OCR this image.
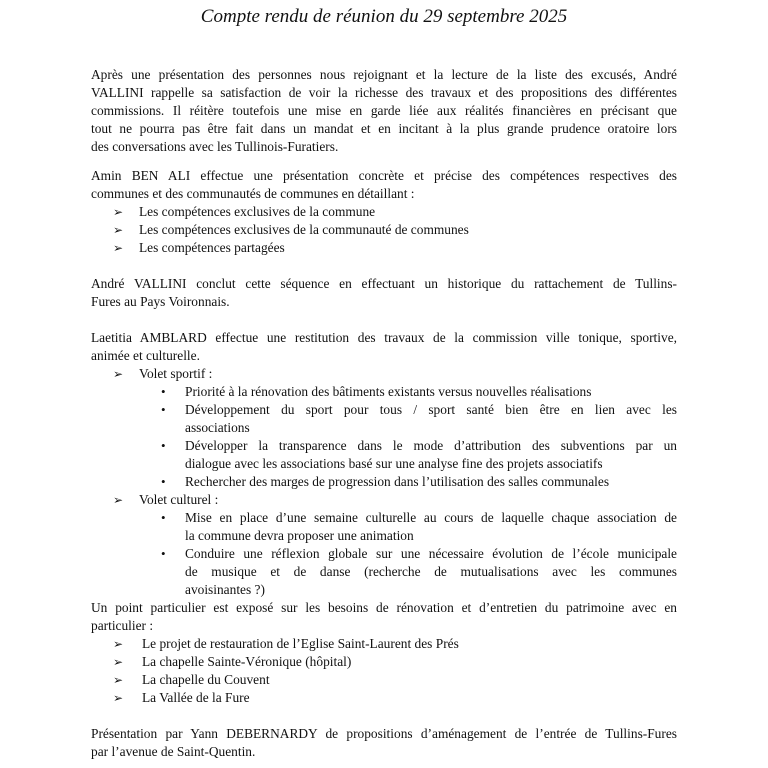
Compte rendu de réunion du 29 septembre 2025
Après une présentation des personnes nous rejoignant et la lecture de la liste des excusés, André
VALLINI rappelle sa satisfaction de voir la richesse des travaux et des propositions des différentes
commissions. Il réitère toutefois une mise en garde liée aux réalités financières en précisant que
tout ne pourra pas être fait dans un mandat et en incitant à la plus grande prudence oratoire lors
des conversations avec les Tullinois-Furatiers.
Amin BEN ALI effectue une présentation concrète et précise des compétences respectives des
communes et des communautés de communes en détaillant :
➢ Les compétences exclusives de la commune
➢ Les compétences exclusives de la communauté de communes
➢ Les compétences partagées
André VALLINI conclut cette séquence en effectuant un historique du rattachement de Tullins-
Fures au Pays Voironnais.
Laetitia AMBLARD effectue une restitution des travaux de la commission ville tonique, sportive,
animée et culturelle.
➢ Volet sportif :
• Priorité à la rénovation des bâtiments existants versus nouvelles réalisations
• Développement du sport pour tous / sport santé bien être en lien avec les
associations
• Développer la transparence dans le mode d’attribution des subventions par un
dialogue avec les associations basé sur une analyse fine des projets associatifs
• Rechercher des marges de progression dans l’utilisation des salles communales
➢ Volet culturel :
• Mise en place d’une semaine culturelle au cours de laquelle chaque association de
la commune devra proposer une animation
• Conduire une réflexion globale sur une nécessaire évolution de l’école municipale
de musique et de danse (recherche de mutualisations avec les communes
avoisinantes ?)
Un point particulier est exposé sur les besoins de rénovation et d’entretien du patrimoine avec en
particulier :
➢ Le projet de restauration de l’Eglise Saint-Laurent des Prés
➢ La chapelle Sainte-Véronique (hôpital)
➢ La chapelle du Couvent
➢ La Vallée de la Fure
Présentation par Yann DEBERNARDY de propositions d’aménagement de l’entrée de Tullins-Fures
par l’avenue de Saint-Quentin.
